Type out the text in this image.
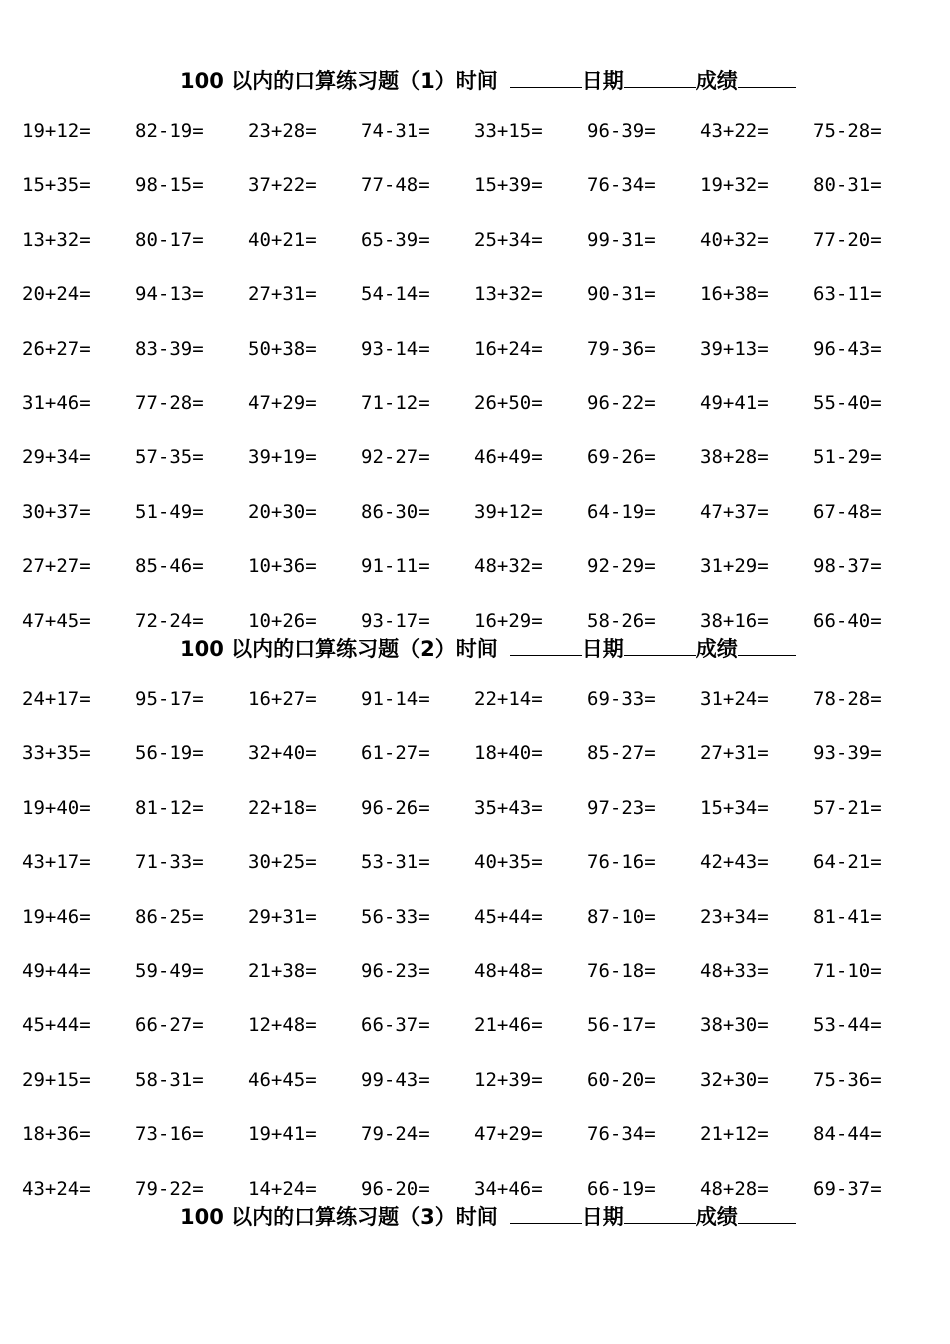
100 以内的口算练习题（1）时间	日期	成绩
19+12= 82-19= 23+28= 74-31= 33+15= 96-39= 43+22= 75-28=
15+35= 98-15= 37+22= 77-48= 15+39= 76-34= 19+32= 80-31=
13+32= 80-17= 40+21= 65-39= 25+34= 99-31= 40+32= 77-20=
20+24= 94-13= 27+31= 54-14= 13+32= 90-31= 16+38= 63-11=
26+27= 83-39= 50+38= 93-14= 16+24= 79-36= 39+13= 96-43=
31+46= 77-28= 47+29= 71-12= 26+50= 96-22= 49+41= 55-40=
29+34= 57-35= 39+19= 92-27= 46+49= 69-26= 38+28= 51-29=
30+37= 51-49= 20+30= 86-30= 39+12= 64-19= 47+37= 67-48=
27+27= 85-46= 10+36= 91-11= 48+32= 92-29= 31+29= 98-37=
47+45= 72-24= 10+26= 93-17= 16+29= 58-26= 38+16= 66-40=
100 以内的口算练习题（2）时间	日期	成绩
24+17= 95-17= 16+27= 91-14= 22+14= 69-33= 31+24= 78-28=
33+35= 56-19= 32+40= 61-27= 18+40= 85-27= 27+31= 93-39=
19+40= 81-12= 22+18= 96-26= 35+43= 97-23= 15+34= 57-21=
43+17= 71-33= 30+25= 53-31= 40+35= 76-16= 42+43= 64-21=
19+46= 86-25= 29+31= 56-33= 45+44= 87-10= 23+34= 81-41=
49+44= 59-49= 21+38= 96-23= 48+48= 76-18= 48+33= 71-10=
45+44= 66-27= 12+48= 66-37= 21+46= 56-17= 38+30= 53-44=
29+15= 58-31= 46+45= 99-43= 12+39= 60-20= 32+30= 75-36=
18+36= 73-16= 19+41= 79-24= 47+29= 76-34= 21+12= 84-44=
43+24= 79-22= 14+24= 96-20= 34+46= 66-19= 48+28= 69-37=
100 以内的口算练习题（3）时间	日期	成绩
